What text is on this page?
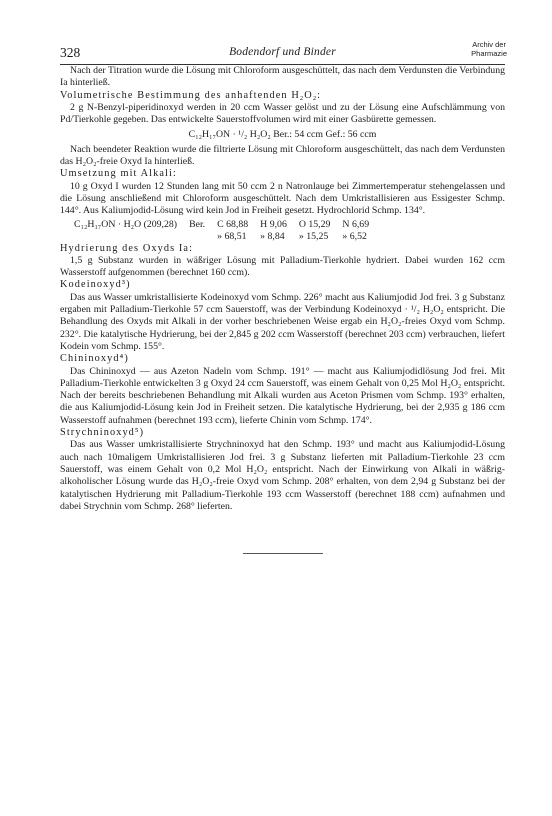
328	Bodendorf und Binder
Archiv der
Pharmazie

Nach der Titration wurde die Lösung mit Chloroform ausgeschüttelt, das nach dem Verdunsten die Verbindung Ia hinterließ.

Volumetrische Bestimmung des anhaftenden $H_2O_2$:

2 g N-Benzyl-piperidinoxyd werden in 20 ccm Wasser gelöst und zu der Lösung eine Aufschlämmung von Pd/Tierkohle gegeben. Das entwickelte Sauerstoffvolumen wird mit einer Gasbürette gemessen.

C₁₂H₁₇ON · ¹/₂ H₂O₂ Ber.: 54 ccm Gef.: 56 ccm

Nach beendeter Reaktion wurde die filtrierte Lösung mit Chloroform ausgeschüttelt, das nach dem Verdunsten das H₂O₂-freie Oxyd Ia hinterließ.

Umsetzung mit Alkali:

10 g Oxyd I wurden 12 Stunden lang mit 50 ccm 2 n Natronlauge bei Zimmertemperatur stehengelassen und die Lösung anschließend mit Chloroform ausgeschüttelt. Nach dem Umkristallisieren aus Essigester Schmp. 144°. Aus Kaliumjodid-Lösung wird kein Jod in Freiheit gesetzt. Hydrochlorid Schmp. 134°.

C₁₂H₁₇ON · H₂O (209,28)	Ber.	C 68,88	H 9,06	O 15,29	N 6,69
		» 68,51	» 8,84	» 15,25	» 6,52

Hydrierung des Oxyds Ia:

1,5 g Substanz wurden in wäßriger Lösung mit Palladium-Tierkohle hydriert. Dabei wurden 162 ccm Wasserstoff aufgenommen (berechnet 160 ccm).

Kodeinoxyd³)

Das aus Wasser umkristallisierte Kodeinoxyd vom Schmp. 226° macht aus Kaliumjodid Jod frei. 3 g Substanz ergaben mit Palladium-Tierkohle 57 ccm Sauerstoff, was der Verbindung Kodeinoxyd · ¹/₂ H₂O₂ entspricht. Die Behandlung des Oxyds mit Alkali in der vorher beschriebenen Weise ergab ein H₂O₂-freies Oxyd vom Schmp. 232°. Die katalytische Hydrierung, bei der 2,845 g 202 ccm Wasserstoff (berechnet 203 ccm) verbrauchen, liefert Kodein vom Schmp. 155°.

Chininoxyd⁴)

Das Chininoxyd — aus Azeton Nadeln vom Schmp. 191° — macht aus Kaliumjodidlösung Jod frei. Mit Palladium-Tierkohle entwickelten 3 g Oxyd 24 ccm Sauerstoff, was einem Gehalt von 0,25 Mol H₂O₂ entspricht. Nach der bereits beschriebenen Behandlung mit Alkali wurden aus Aceton Prismen vom Schmp. 193° erhalten, die aus Kaliumjodid-Lösung kein Jod in Freiheit setzen. Die katalytische Hydrierung, bei der 2,935 g 186 ccm Wasserstoff aufnahmen (berechnet 193 ccm), lieferte Chinin vom Schmp. 174°.

Strychninoxyd⁵)

Das aus Wasser umkristallisierte Strychninoxyd hat den Schmp. 193° und macht aus Kaliumjodid-Lösung auch nach 10maligem Umkristallisieren Jod frei. 3 g Substanz lieferten mit Palladium-Tierkohle 23 ccm Sauerstoff, was einem Gehalt von 0,2 Mol H₂O₂ entspricht. Nach der Einwirkung von Alkali in wäßrig-alkoholischer Lösung wurde das H₂O₂-freie Oxyd vom Schmp. 208° erhalten, von dem 2,94 g Substanz bei der katalytischen Hydrierung mit Palladium-Tierkohle 193 ccm Wasserstoff (berechnet 188 ccm) aufnahmen und dabei Strychnin vom Schmp. 268° lieferten.
